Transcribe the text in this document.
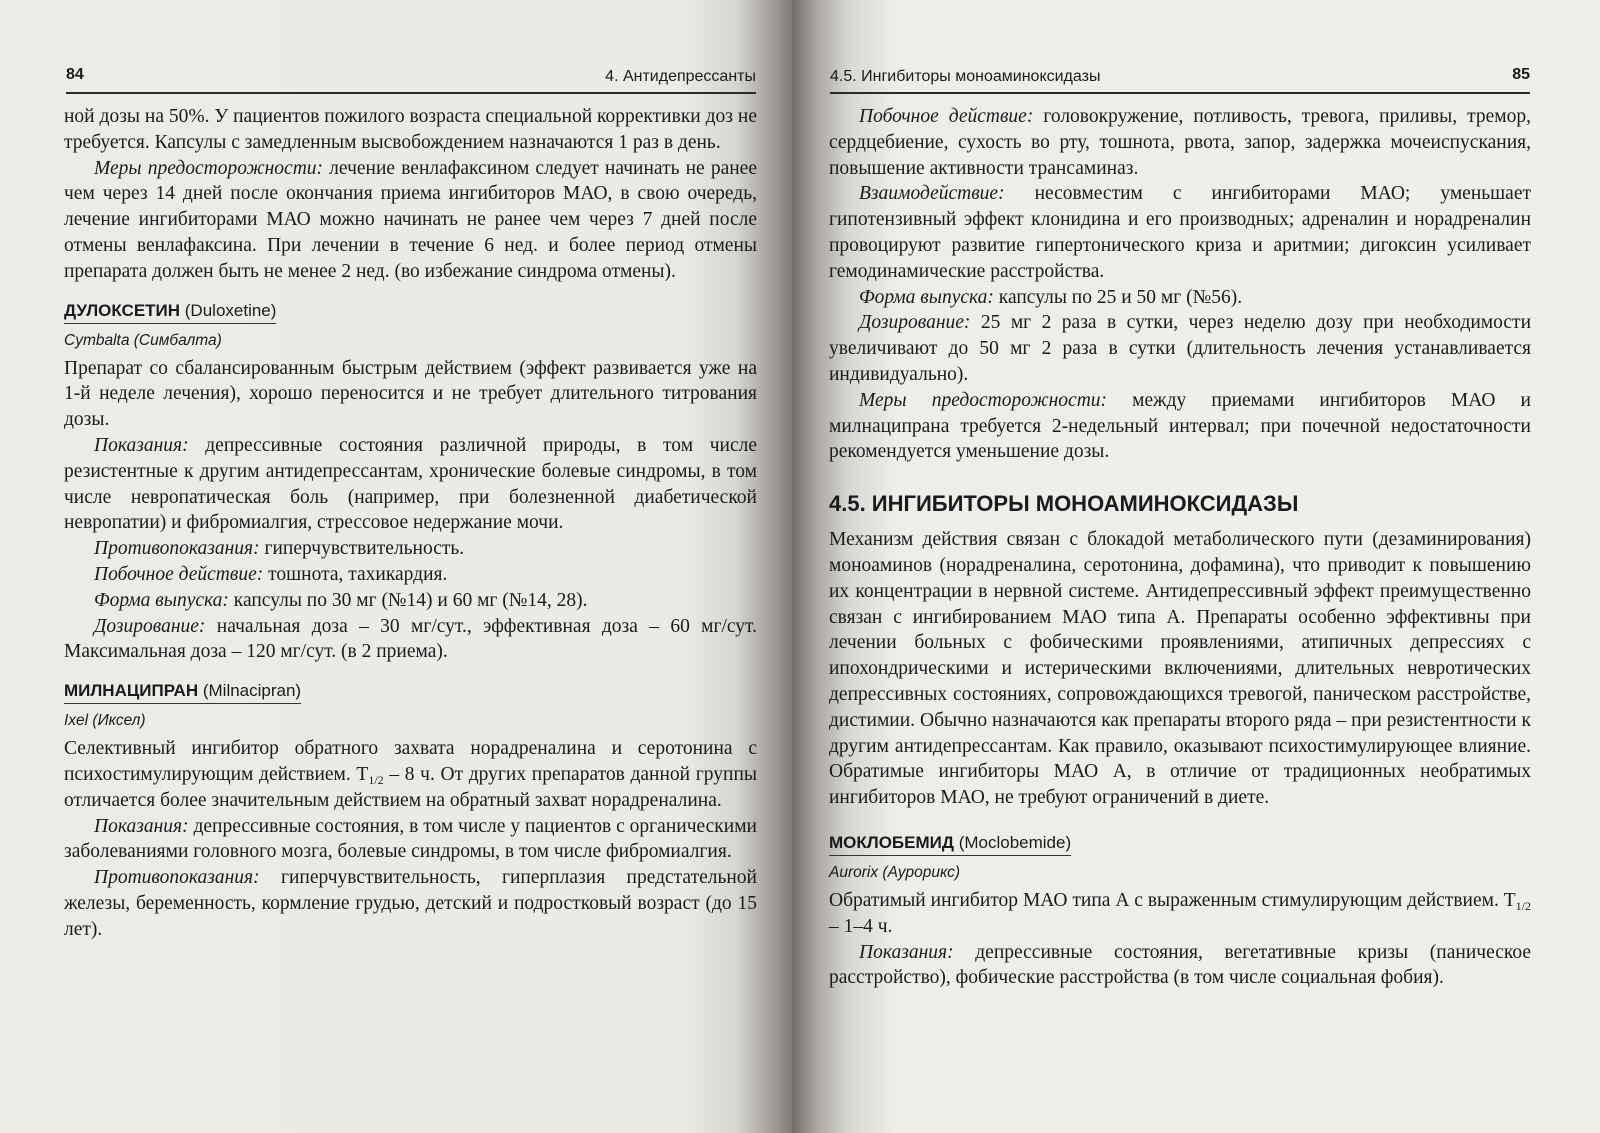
84	4. Антидепрессанты

ной дозы на 50%. У пациентов пожилого возраста специальной коррективки доз не требуется. Капсулы с замедленным высвобождением назначаются 1 раз в день.

Меры предосторожности: лечение венлафаксином следует начинать не ранее чем через 14 дней после окончания приема ингибиторов МАО, в свою очередь, лечение ингибиторами МАО можно начинать не ранее чем через 7 дней после отмены венлафаксина. При лечении в течение 6 нед. и более период отмены препарата должен быть не менее 2 нед. (во избежание синдрома отмены).

ДУЛОКСЕТИН (Duloxetine)
Cymbalta (Симбалта)

Препарат со сбалансированным быстрым действием (эффект развивается уже на 1-й неделе лечения), хорошо переносится и не требует длительного титрования дозы.

Показания: депрессивные состояния различной природы, в том числе резистентные к другим антидепрессантам, хронические болевые синдромы, в том числе невропатическая боль (например, при болезненной диабетической невропатии) и фибромиалгия, стрессовое недержание мочи.

Противопоказания: гиперчувствительность.

Побочное действие: тошнота, тахикардия.

Форма выпуска: капсулы по 30 мг (№14) и 60 мг (№14, 28).

Дозирование: начальная доза – 30 мг/сут., эффективная доза – 60 мг/сут. Максимальная доза – 120 мг/сут. (в 2 приема).

МИЛНАЦИПРАН (Milnacipran)
Ixel (Иксел)

Селективный ингибитор обратного захвата норадреналина и серотонина с психостимулирующим действием. $T_{1/2} - 8$ ч. От других препаратов данной группы отличается более значительным действием на обратный захват норадреналина.

Показания: депрессивные состояния, в том числе у пациентов с органическими заболеваниями головного мозга, болевые синдромы, в том числе фибромиалгия.

Противопоказания: гиперчувствительность, гиперплазия предстательной железы, беременность, кормление грудью, детский и подростковый возраст (до 15 лет).

4.5. Ингибиторы моноаминоксидазы	85

Побочное действие: головокружение, потливость, тревога, приливы, тремор, сердцебиение, сухость во рту, тошнота, рвота, запор, задержка мочеиспускания, повышение активности трансаминаз.

Взаимодействие: несовместим с ингибиторами МАО; уменьшает гипотензивный эффект клонидина и его производных; адреналин и норадреналин провоцируют развитие гипертонического криза и аритмии; дигоксин усиливает гемодинамические расстройства.

Форма выпуска: капсулы по 25 и 50 мг (№56).

Дозирование: 25 мг 2 раза в сутки, через неделю дозу при необходимости увеличивают до 50 мг 2 раза в сутки (длительность лечения устанавливается индивидуально).

Меры предосторожности: между приемами ингибиторов МАО и милнаципрана требуется 2-недельный интервал; при почечной недостаточности рекомендуется уменьшение дозы.

4.5. ИНГИБИТОРЫ МОНОАМИНОКСИДАЗЫ

Механизм действия связан с блокадой метаболического пути (дезаминирования) моноаминов (норадреналина, серотонина, дофамина), что приводит к повышению их концентрации в нервной системе. Антидепрессивный эффект преимущественно связан с ингибированием МАО типа А. Препараты особенно эффективны при лечении больных с фобическими проявлениями, атипичных депрессиях с ипохондрическими и истерическими включениями, длительных невротических депрессивных состояниях, сопровождающихся тревогой, паническом расстройстве, дистимии. Обычно назначаются как препараты второго ряда – при резистентности к другим антидепрессантам. Как правило, оказывают психостимулирующее влияние. Обратимые ингибиторы МАО А, в отличие от традиционных необратимых ингибиторов МАО, не требуют ограничений в диете.

МОКЛОБЕМИД (Moclobemide)
Aurorix (Аурорикс)

Обратимый ингибитор МАО типа А с выраженным стимулирующим действием. $T_{1/2} - 1-4$ ч.

Показания: депрессивные состояния, вегетативные кризы (паническое расстройство), фобические расстройства (в том числе социальная фобия).
